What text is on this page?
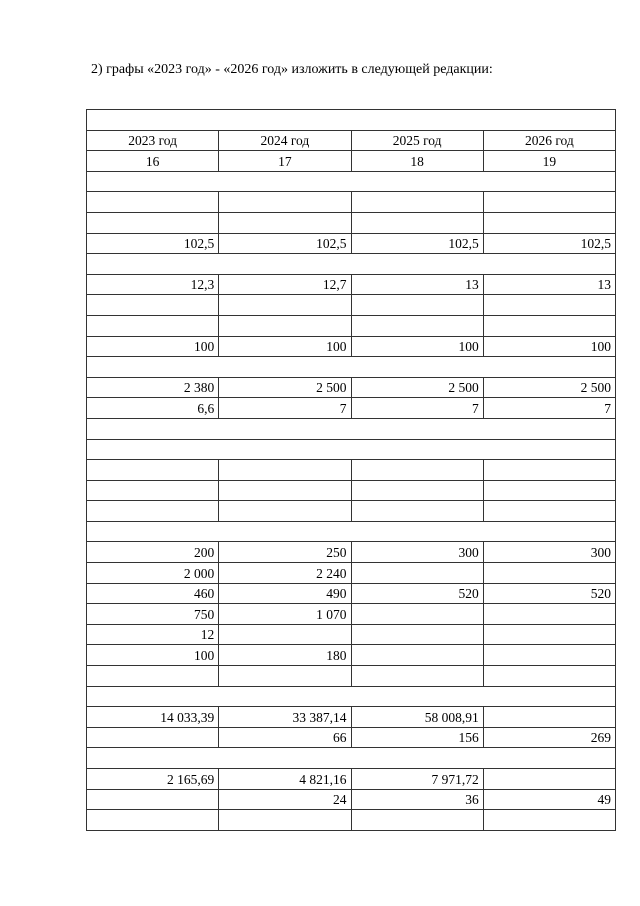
2) графы «2023 год» - «2026 год» изложить в следующей редакции:

2023 год	2024 год	2025 год	2026 год
16	17	18	19

102,5	102,5	102,5	102,5

12,3	12,7	13	13

100	100	100	100

2 380	2 500	2 500	2 500
6,6	7	7	7

200	250	300	300
2 000	2 240		
460	490	520	520
750	1 070		
12			
100	180		

14 033,39	33 387,14	58 008,91	
	66	156	269

2 165,69	4 821,16	7 971,72	
	24	36	49
